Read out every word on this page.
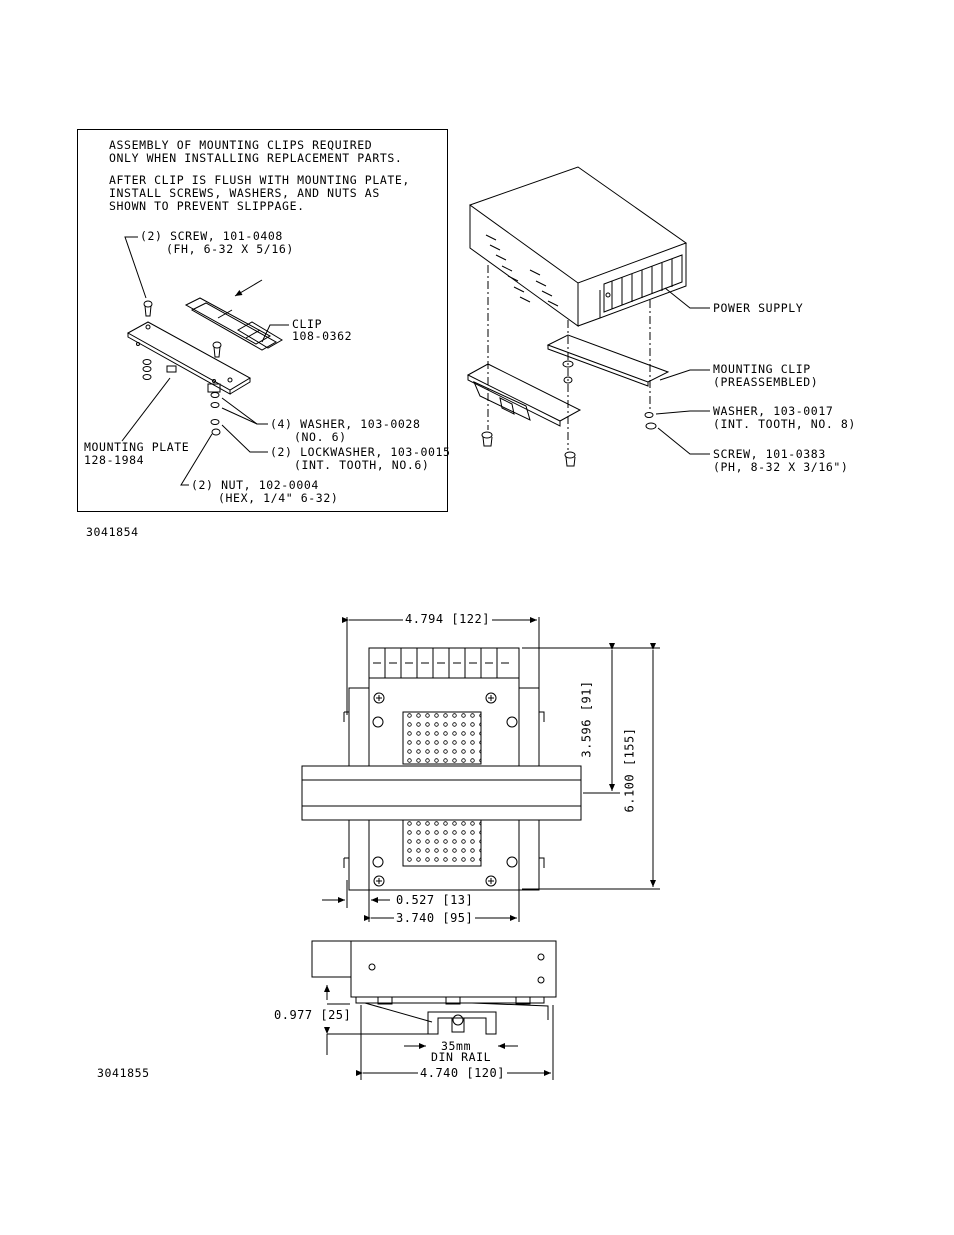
ASSEMBLY OF MOUNTING CLIPS REQUIRED
ONLY WHEN INSTALLING REPLACEMENT PARTS.
AFTER CLIP IS FLUSH WITH MOUNTING PLATE,
INSTALL SCREWS, WASHERS, AND NUTS AS
SHOWN TO PREVENT SLIPPAGE.
(2) SCREW, 101-0408
(FH, 6-32 X 5/16)
CLIP
108-0362
(4) WASHER, 103-0028
(NO. 6)
(2) LOCKWASHER, 103-0015
(INT. TOOTH, NO.6)
MOUNTING PLATE
128-1984
(2) NUT, 102-0004
(HEX, 1/4" 6-32)
3041854
POWER SUPPLY
MOUNTING CLIP
(PREASSEMBLED)
WASHER, 103-0017
(INT. TOOTH, NO. 8)
SCREW, 101-0383
(PH, 8-32 X 3/16")
4.794 [122]
3.596 [91]
6.100 [155]
0.527 [13]
3.740 [95]
0.977 [25]
35mm
DIN RAIL
4.740 [120]
3041855
